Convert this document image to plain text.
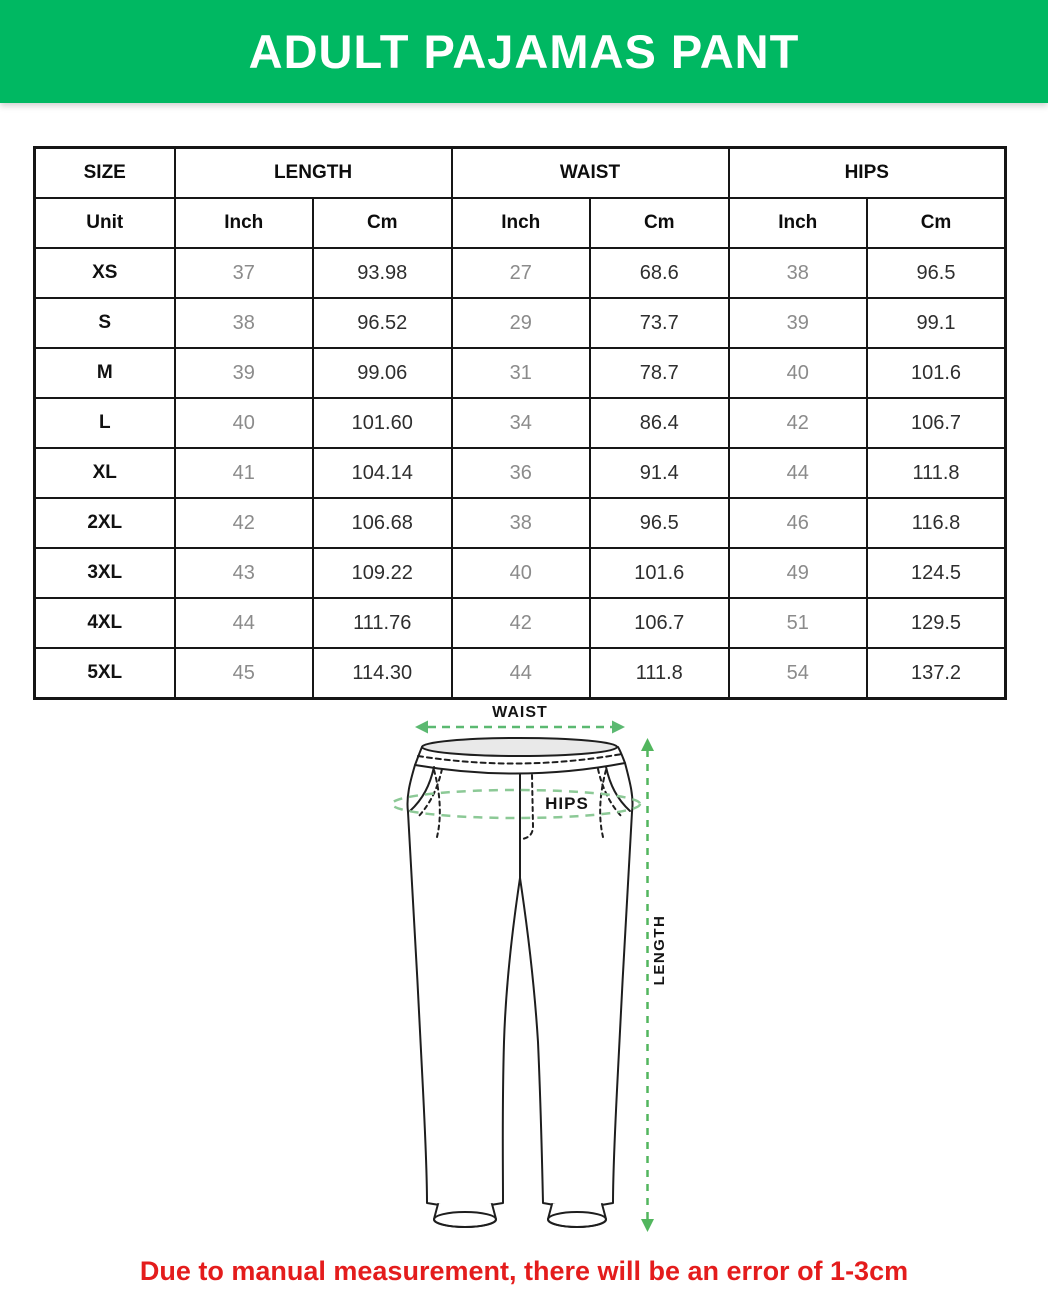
ADULT PAJAMAS PANT
SIZE	LENGTH		WAIST		HIPS	
Unit	Inch	Cm	Inch	Cm	Inch	Cm
XS	37	93.98	27	68.6	38	96.5
S	38	96.52	29	73.7	39	99.1
M	39	99.06	31	78.7	40	101.6
L	40	101.60	34	86.4	42	106.7
XL	41	104.14	36	91.4	44	111.8
2XL	42	106.68	38	96.5	46	116.8
3XL	43	109.22	40	101.6	49	124.5
4XL	44	111.76	42	106.7	51	129.5
5XL	45	114.30	44	111.8	54	137.2
WAIST
HIPS
LENGTH
Due to manual measurement, there will be an error of 1-3cm
